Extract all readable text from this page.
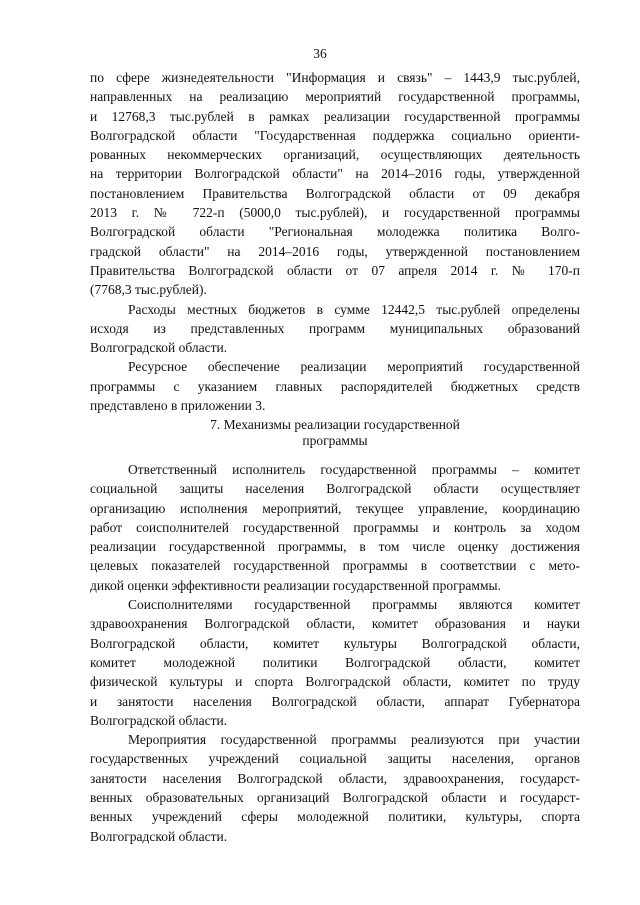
36
по сфере жизнедеятельности "Информация и связь" – 1443,9 тыс.рублей,
направленных на реализацию мероприятий государственной программы,
и 12768,3 тыс.рублей в рамках реализации государственной программы
Волгоградской области "Государственная поддержка социально ориенти-
рованных некоммерческих организаций, осуществляющих деятельность
на территории Волгоградской области" на 2014–2016 годы, утвержденной
постановлением Правительства Волгоградской области от 09 декабря
2013 г. № 722-п (5000,0 тыс.рублей), и государственной программы
Волгоградской области "Региональная молодежка политика Волго-
градской области" на 2014–2016 годы, утвержденной постановлением
Правительства Волгоградской области от 07 апреля 2014 г. № 170-п
(7768,3 тыс.рублей).
Расходы местных бюджетов в сумме 12442,5 тыс.рублей определены
исходя из представленных программ муниципальных образований
Волгоградской области.
Ресурсное обеспечение реализации мероприятий государственной
программы с указанием главных распорядителей бюджетных средств
представлено в приложении 3.
7. Механизмы реализации государственной
программы
Ответственный исполнитель государственной программы – комитет
социальной защиты населения Волгоградской области осуществляет
организацию исполнения мероприятий, текущее управление, координацию
работ соисполнителей государственной программы и контроль за ходом
реализации государственной программы, в том числе оценку достижения
целевых показателей государственной программы в соответствии с мето-
дикой оценки эффективности реализации государственной программы.
Соисполнителями государственной программы являются комитет
здравоохранения Волгоградской области, комитет образования и науки
Волгоградской области, комитет культуры Волгоградской области,
комитет молодежной политики Волгоградской области, комитет
физической культуры и спорта Волгоградской области, комитет по труду
и занятости населения Волгоградской области, аппарат Губернатора
Волгоградской области.
Мероприятия государственной программы реализуются при участии
государственных учреждений социальной защиты населения, органов
занятости населения Волгоградской области, здравоохранения, государст-
венных образовательных организаций Волгоградской области и государст-
венных учреждений сферы молодежной политики, культуры, спорта
Волгоградской области.
